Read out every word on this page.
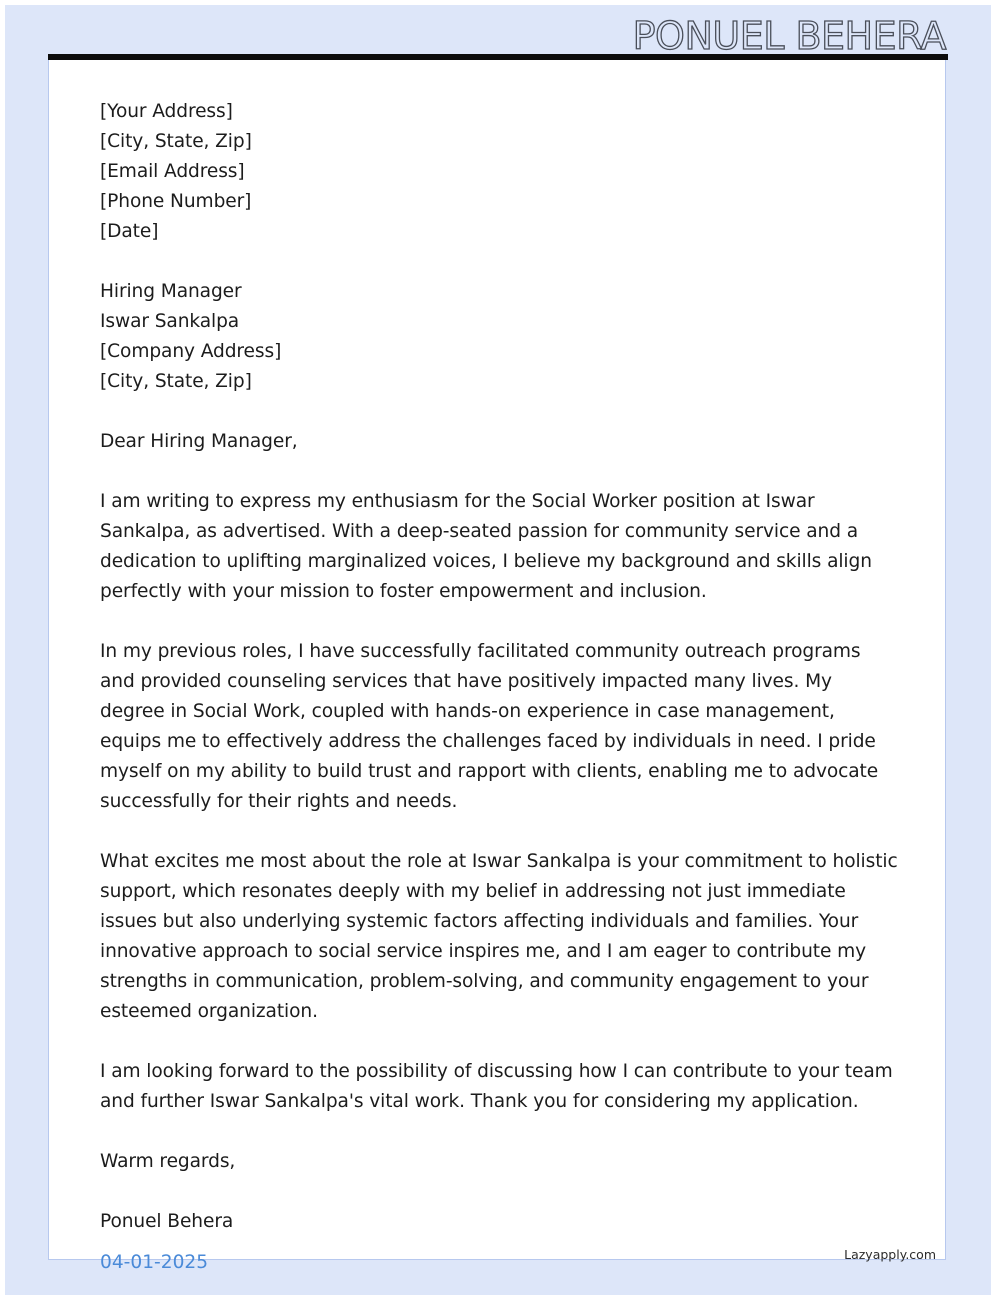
PONUEL BEHERA
[Your Address]
[City, State, Zip]
[Email Address]
[Phone Number]
[Date]
Hiring Manager
Iswar Sankalpa
[Company Address]
[City, State, Zip]

Dear Hiring Manager,

I am writing to express my enthusiasm for the Social Worker position at Iswar Sankalpa, as advertised. With a deep-seated passion for community service and a dedication to uplifting marginalized voices, I believe my background and skills align perfectly with your mission to foster empowerment and inclusion.

In my previous roles, I have successfully facilitated community outreach programs and provided counseling services that have positively impacted many lives. My degree in Social Work, coupled with hands-on experience in case management, equips me to effectively address the challenges faced by individuals in need. I pride myself on my ability to build trust and rapport with clients, enabling me to advocate successfully for their rights and needs.

What excites me most about the role at Iswar Sankalpa is your commitment to holistic support, which resonates deeply with my belief in addressing not just immediate issues but also underlying systemic factors affecting individuals and families. Your innovative approach to social service inspires me, and I am eager to contribute my strengths in communication, problem-solving, and community engagement to your esteemed organization.

I am looking forward to the possibility of discussing how I can contribute to your team and further Iswar Sankalpa's vital work. Thank you for considering my application.

Warm regards,

Ponuel Behera

04-01-2025	Lazyapply.com
